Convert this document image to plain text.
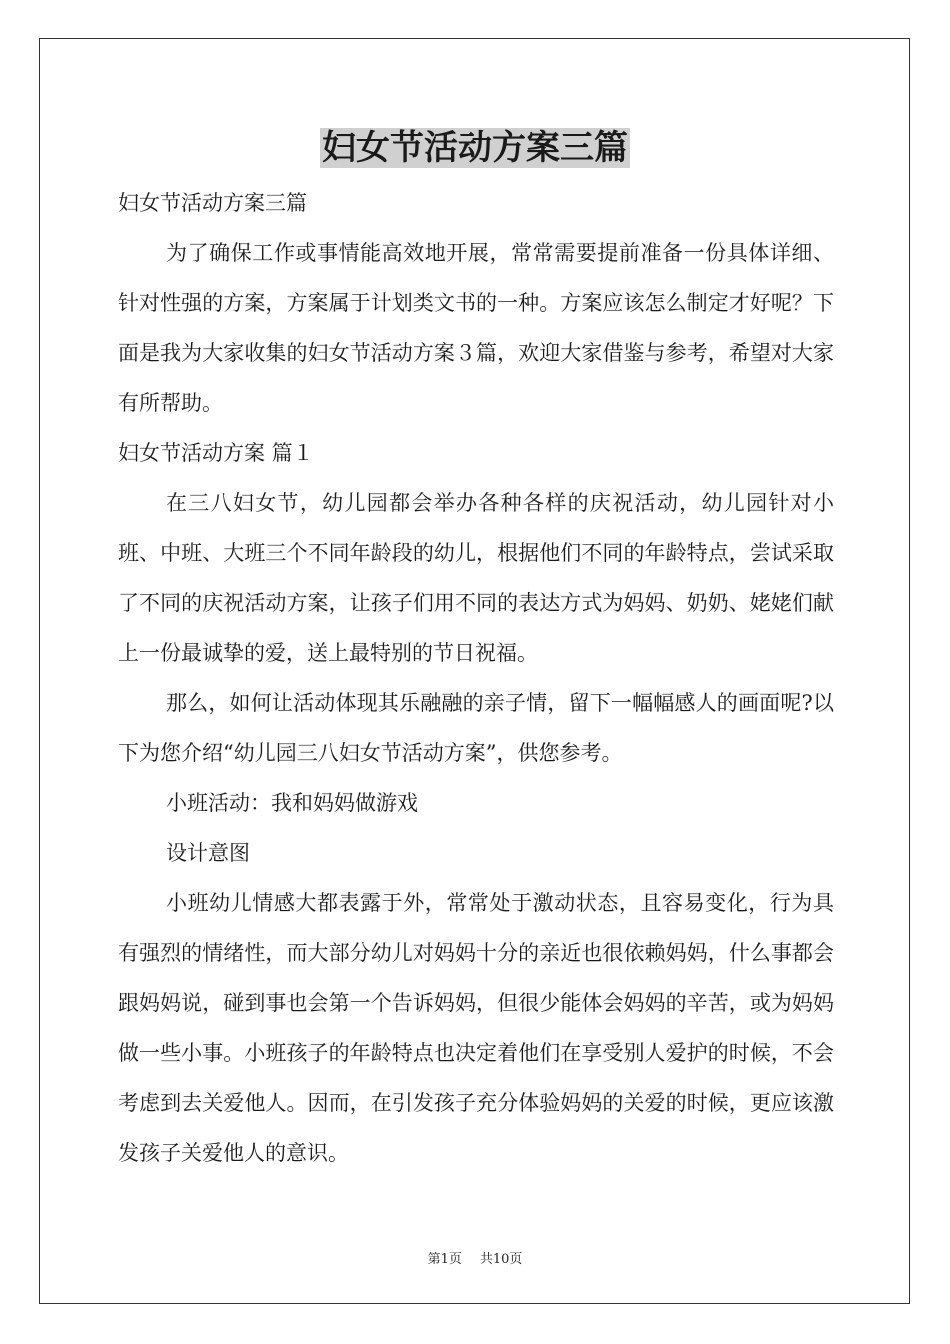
妇女节活动方案三篇

妇女节活动方案三篇

为了确保工作或事情能高效地开展，常常需要提前准备一份具体详细、针对性强的方案，方案属于计划类文书的一种。方案应该怎么制定才好呢？下面是我为大家收集的妇女节活动方案３篇，欢迎大家借鉴与参考，希望对大家有所帮助。

妇女节活动方案 篇１

在三八妇女节，幼儿园都会举办各种各样的庆祝活动，幼儿园针对小班、中班、大班三个不同年龄段的幼儿，根据他们不同的年龄特点，尝试采取了不同的庆祝活动方案，让孩子们用不同的表达方式为妈妈、奶奶、姥姥们献上一份最诚挚的爱，送上最特别的节日祝福。

那么，如何让活动体现其乐融融的亲子情，留下一幅幅感人的画面呢?以下为您介绍“幼儿园三八妇女节活动方案”，供您参考。

小班活动：我和妈妈做游戏

设计意图

小班幼儿情感大都表露于外，常常处于激动状态，且容易变化，行为具有强烈的情绪性，而大部分幼儿对妈妈十分的亲近也很依赖妈妈，什么事都会跟妈妈说，碰到事也会第一个告诉妈妈，但很少能体会妈妈的辛苦，或为妈妈做一些小事。小班孩子的年龄特点也决定着他们在享受别人爱护的时候，不会考虑到去关爱他人。因而，在引发孩子充分体验妈妈的关爱的时候，更应该激发孩子关爱他人的意识。

第1页 共10页
